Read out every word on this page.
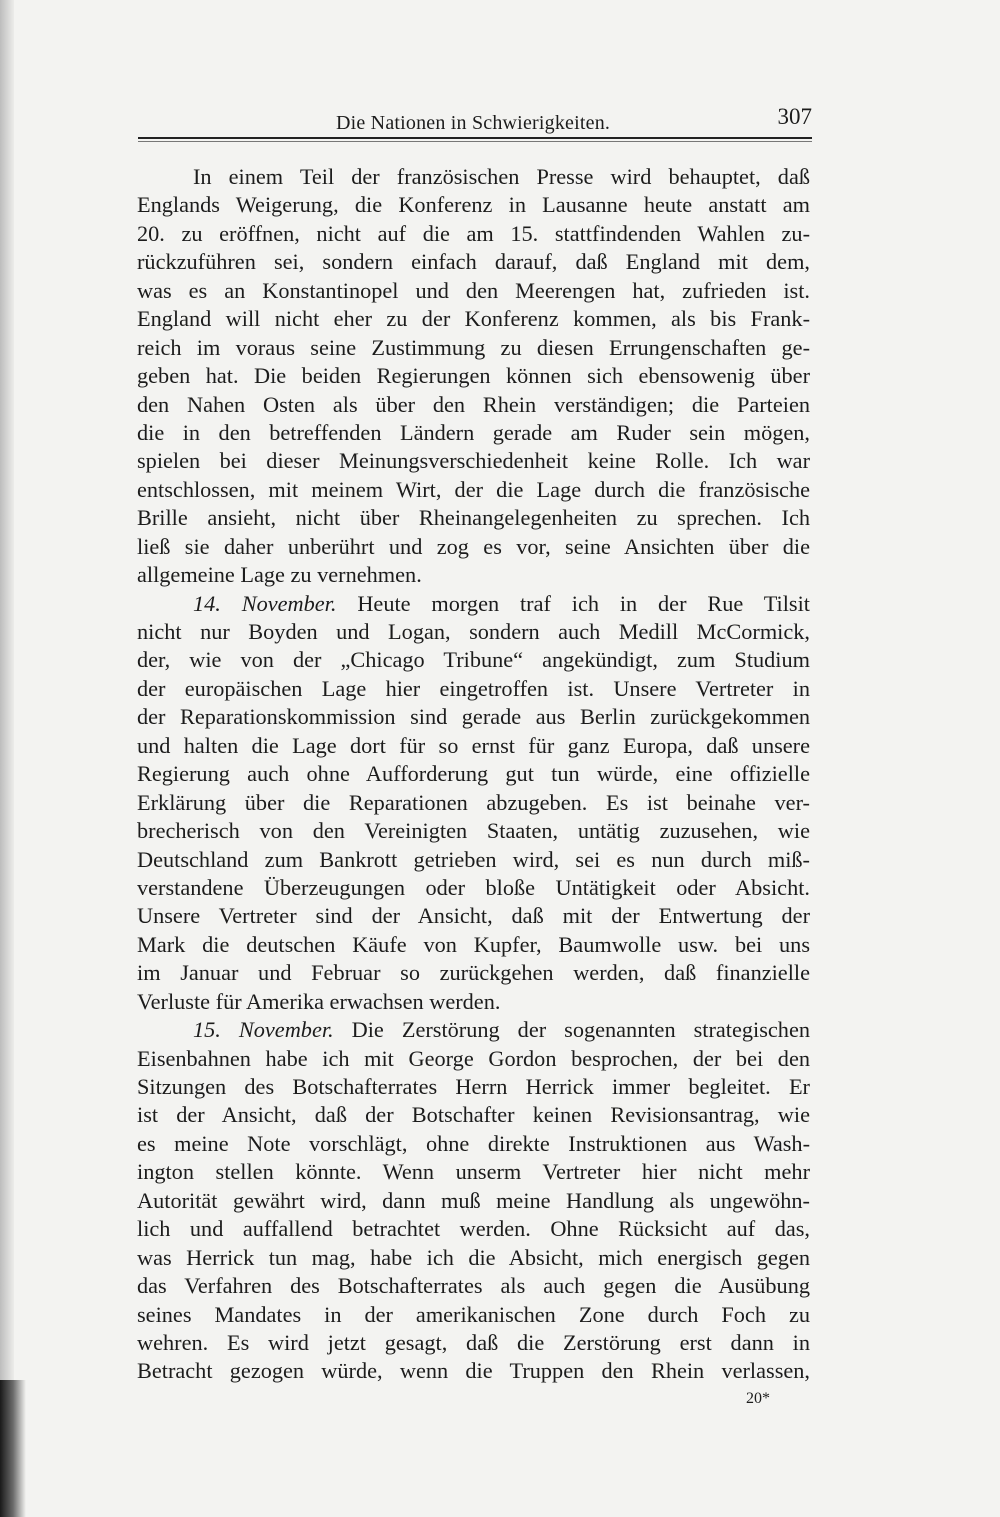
Die Nationen in Schwierigkeiten.	307
In einem Teil der französischen Presse wird behauptet, daß
Englands Weigerung, die Konferenz in Lausanne heute anstatt am
20. zu eröffnen, nicht auf die am 15. stattfindenden Wahlen zu-
rückzuführen sei, sondern einfach darauf, daß England mit dem,
was es an Konstantinopel und den Meerengen hat, zufrieden ist.
England will nicht eher zu der Konferenz kommen, als bis Frank-
reich im voraus seine Zustimmung zu diesen Errungenschaften ge-
geben hat. Die beiden Regierungen können sich ebensowenig über
den Nahen Osten als über den Rhein verständigen; die Parteien
die in den betreffenden Ländern gerade am Ruder sein mögen,
spielen bei dieser Meinungsverschiedenheit keine Rolle. Ich war
entschlossen, mit meinem Wirt, der die Lage durch die französische
Brille ansieht, nicht über Rheinangelegenheiten zu sprechen. Ich
ließ sie daher unberührt und zog es vor, seine Ansichten über die
allgemeine Lage zu vernehmen.
14. November. Heute morgen traf ich in der Rue Tilsit
nicht nur Boyden und Logan, sondern auch Medill McCormick,
der, wie von der „Chicago Tribune“ angekündigt, zum Studium
der europäischen Lage hier eingetroffen ist. Unsere Vertreter in
der Reparationskommission sind gerade aus Berlin zurückgekommen
und halten die Lage dort für so ernst für ganz Europa, daß unsere
Regierung auch ohne Aufforderung gut tun würde, eine offizielle
Erklärung über die Reparationen abzugeben. Es ist beinahe ver-
brecherisch von den Vereinigten Staaten, untätig zuzusehen, wie
Deutschland zum Bankrott getrieben wird, sei es nun durch miß-
verstandene Überzeugungen oder bloße Untätigkeit oder Absicht.
Unsere Vertreter sind der Ansicht, daß mit der Entwertung der
Mark die deutschen Käufe von Kupfer, Baumwolle usw. bei uns
im Januar und Februar so zurückgehen werden, daß finanzielle
Verluste für Amerika erwachsen werden.
15. November. Die Zerstörung der sogenannten strategischen
Eisenbahnen habe ich mit George Gordon besprochen, der bei den
Sitzungen des Botschafterrates Herrn Herrick immer begleitet. Er
ist der Ansicht, daß der Botschafter keinen Revisionsantrag, wie
es meine Note vorschlägt, ohne direkte Instruktionen aus Wash-
ington stellen könnte. Wenn unserm Vertreter hier nicht mehr
Autorität gewährt wird, dann muß meine Handlung als ungewöhn-
lich und auffallend betrachtet werden. Ohne Rücksicht auf das,
was Herrick tun mag, habe ich die Absicht, mich energisch gegen
das Verfahren des Botschafterrates als auch gegen die Ausübung
seines Mandates in der amerikanischen Zone durch Foch zu
wehren. Es wird jetzt gesagt, daß die Zerstörung erst dann in
Betracht gezogen würde, wenn die Truppen den Rhein verlassen,
20*
